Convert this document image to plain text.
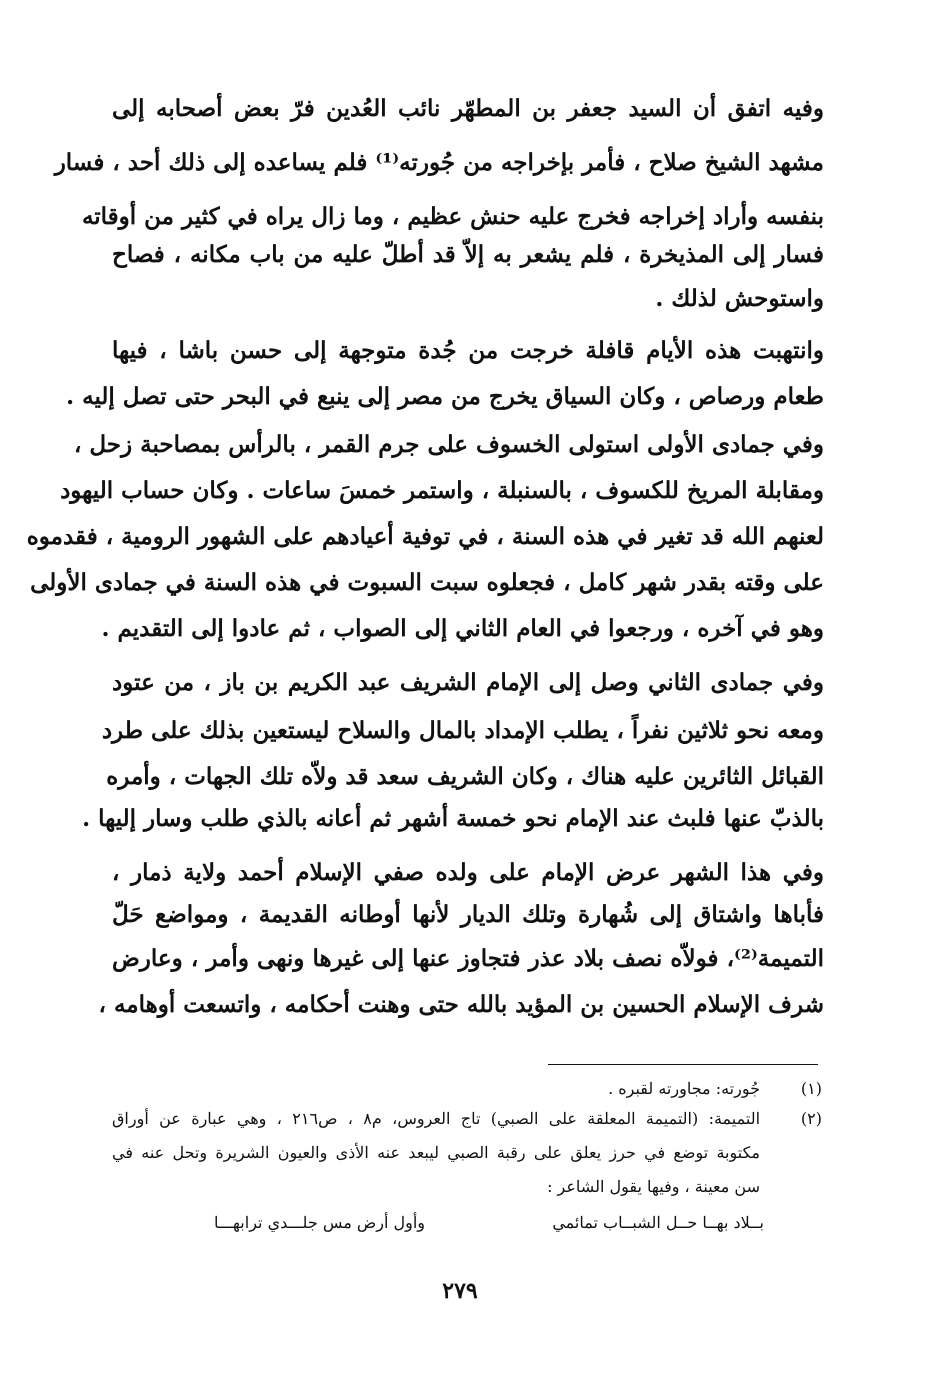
وفيه اتفق أن السيد جعفر بن المطهّر نائب العُدين فرّ بعض أصحابه إلى
مشهد الشيخ صلاح ، فأمر بإخراجه من جُورته⁽¹⁾ فلم يساعده إلى ذلك أحد ، فسار
بنفسه وأراد إخراجه فخرج عليه حنش عظيم ، وما زال يراه في كثير من أوقاته
فسار إلى المذيخرة ، فلم يشعر به إلاّ قد أطلّ عليه من باب مكانه ، فصاح
واستوحش لذلك .
وانتهبت هذه الأيام قافلة خرجت من جُدة متوجهة إلى حسن باشا ، فيها
طعام ورصاص ، وكان السياق يخرج من مصر إلى ينبع في البحر حتى تصل إليه .
وفي جمادى الأولى استولى الخسوف على جرم القمر ، بالرأس بمصاحبة زحل ،
ومقابلة المريخ للكسوف ، بالسنبلة ، واستمر خمسَ ساعات . وكان حساب اليهود
لعنهم الله قد تغير في هذه السنة ، في توفية أعيادهم على الشهور الرومية ، فقدموه
على وقته بقدر شهر كامل ، فجعلوه سبت السبوت في هذه السنة في جمادى الأولى
وهو في آخره ، ورجعوا في العام الثاني إلى الصواب ، ثم عادوا إلى التقديم .
وفي جمادى الثاني وصل إلى الإمام الشريف عبد الكريم بن باز ، من عتود
ومعه نحو ثلاثين نفراً ، يطلب الإمداد بالمال والسلاح ليستعين بذلك على طرد
القبائل الثائرين عليه هناك ، وكان الشريف سعد قد ولاّه تلك الجهات ، وأمره
بالذبّ عنها فلبث عند الإمام نحو خمسة أشهر ثم أعانه بالذي طلب وسار إليها .
وفي هذا الشهر عرض الإمام على ولده صفي الإسلام أحمد ولاية ذمار ،
فأباها واشتاق إلى شُهارة وتلك الديار لأنها أوطانه القديمة ، ومواضع حَلّ
التميمة⁽²⁾، فولاّه نصف بلاد عذر فتجاوز عنها إلى غيرها ونهى وأمر ، وعارض
شرف الإسلام الحسين بن المؤيد بالله حتى وهنت أحكامه ، واتسعت أوهامه ،
(١)
جُورته: مجاورته لقبره .
(٢)
التميمة: (التميمة المعلقة على الصبي) تاج العروس، م٨ ، ص٢١٦ ، وهي عبارة عن أوراق
مكتوبة توضع في حرز يعلق على رقبة الصبي ليبعد عنه الأذى والعيون الشريرة وتحل عنه في
سن معينة ، وفيها يقول الشاعر :
بــلاد بهــا حــل الشبــاب تمائمي
وأول أرض مس جلـــدي ترابهـــا
٢٧٩
